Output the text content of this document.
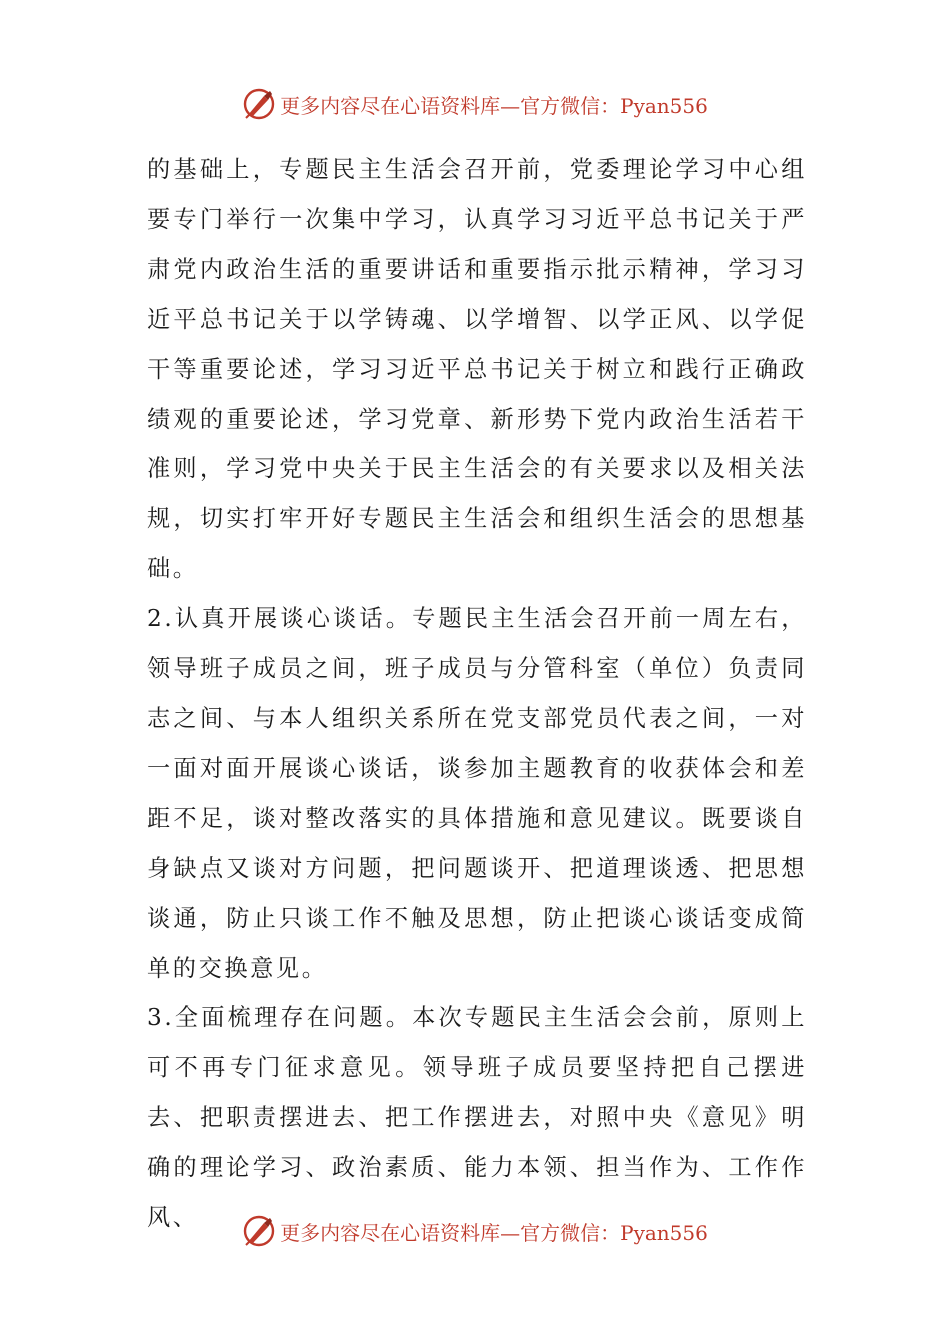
更多内容尽在心语资料库—官方微信：Pyan556

的基础上，专题民主生活会召开前，党委理论学习中心组要专门举行一次集中学习，认真学习习近平总书记关于严肃党内政治生活的重要讲话和重要指示批示精神，学习习近平总书记关于以学铸魂、以学增智、以学正风、以学促干等重要论述，学习习近平总书记关于树立和践行正确政绩观的重要论述，学习党章、新形势下党内政治生活若干准则，学习党中央关于民主生活会的有关要求以及相关法规，切实打牢开好专题民主生活会和组织生活会的思想基础。

2.认真开展谈心谈话。专题民主生活会召开前一周左右，领导班子成员之间，班子成员与分管科室（单位）负责同志之间、与本人组织关系所在党支部党员代表之间，一对一面对面开展谈心谈话，谈参加主题教育的收获体会和差距不足，谈对整改落实的具体措施和意见建议。既要谈自身缺点又谈对方问题，把问题谈开、把道理谈透、把思想谈通，防止只谈工作不触及思想，防止把谈心谈话变成简单的交换意见。

3.全面梳理存在问题。本次专题民主生活会会前，原则上可不再专门征求意见。领导班子成员要坚持把自己摆进去、把职责摆进去、把工作摆进去，对照中央《意见》明确的理论学习、政治素质、能力本领、担当作为、工作作风、

更多内容尽在心语资料库—官方微信：Pyan556
